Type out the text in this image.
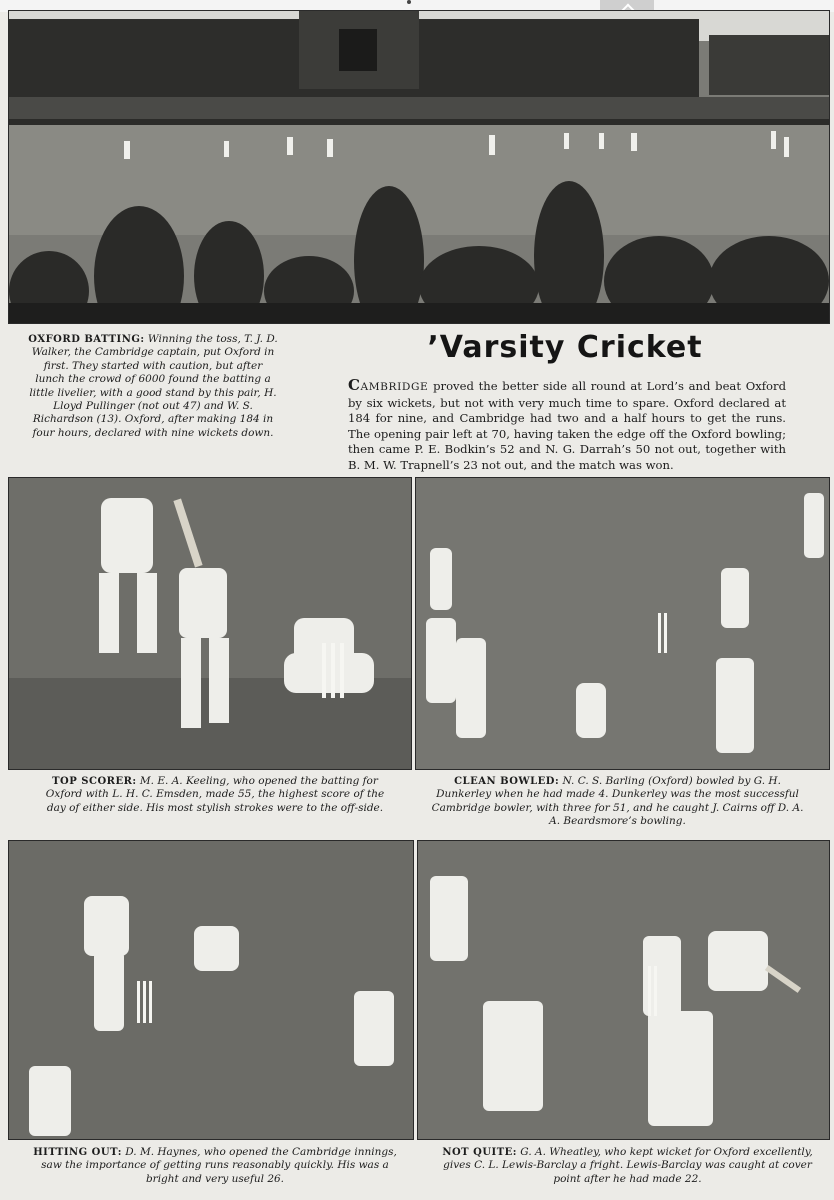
OXFORD BATTING: Winning the toss, T. J. D. Walker, the Cambridge captain, put Oxford in first. They started with caution, but after lunch the crowd of 6000 found the batting a little livelier, with a good stand by this pair, H. Lloyd Pullinger (not out 47) and W. S. Richardson (13). Oxford, after making 184 in four hours, declared with nine wickets down.
’Varsity Cricket
CAMBRIDGE proved the better side all round at Lord’s and beat Oxford by six wickets, but not with very much time to spare. Oxford declared at 184 for nine, and Cambridge had two and a half hours to get the runs. The opening pair left at 70, having taken the edge off the Oxford bowling; then came P. E. Bodkin’s 52 and N. G. Darrah’s 50 not out, together with B. M. W. Trapnell’s 23 not out, and the match was won.
TOP SCORER: M. E. A. Keeling, who opened the batting for Oxford with L. H. C. Emsden, made 55, the highest score of the day of either side. His most stylish strokes were to the off-side.
CLEAN BOWLED: N. C. S. Barling (Oxford) bowled by G. H. Dunkerley when he had made 4. Dunkerley was the most successful Cambridge bowler, with three for 51, and he caught J. Cairns off D. A. A. Beardsmore’s bowling.
HITTING OUT: D. M. Haynes, who opened the Cambridge innings, saw the importance of getting runs reasonably quickly. His was a bright and very useful 26.
NOT QUITE: G. A. Wheatley, who kept wicket for Oxford excellently, gives C. L. Lewis-Barclay a fright. Lewis-Barclay was caught at cover point after he had made 22.
